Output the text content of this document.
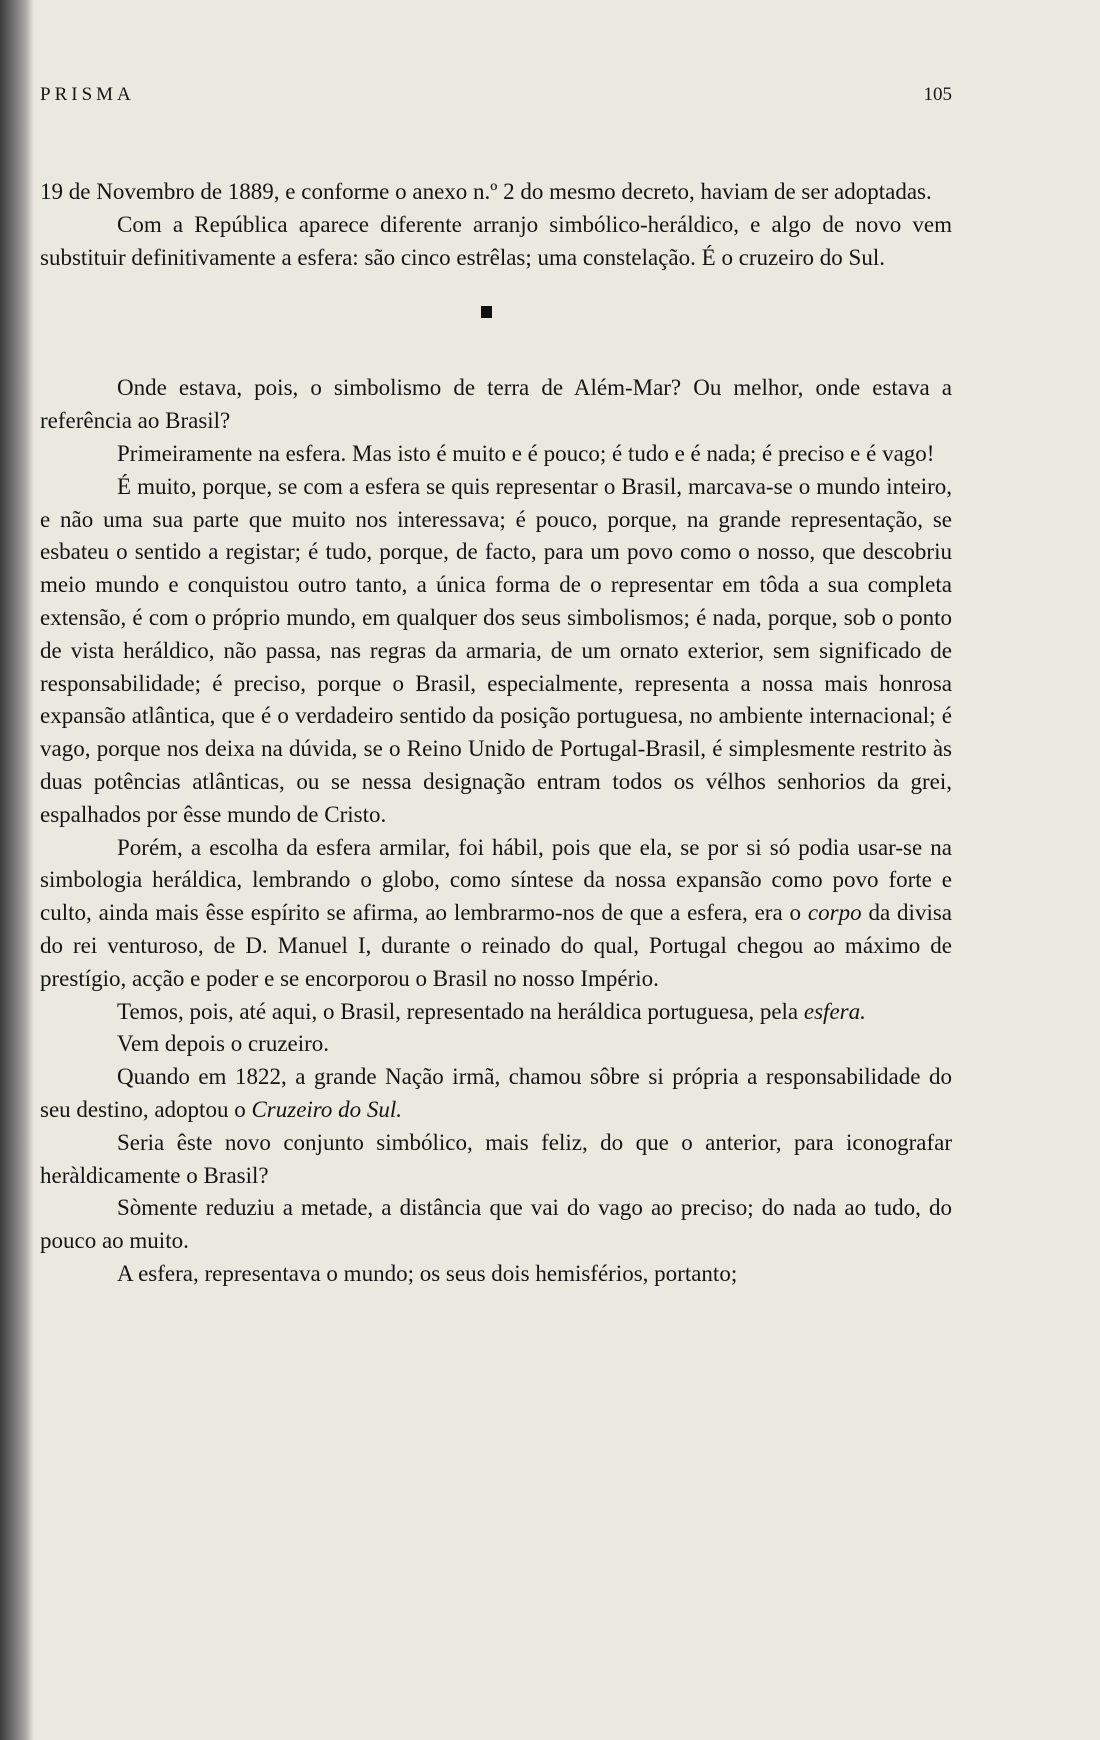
PRISMA	105

19 de Novembro de 1889, e conforme o anexo n.º 2 do mesmo decreto, haviam de ser adoptadas.

Com a República aparece diferente arranjo simbólico-heráldico, e algo de novo vem substituir definitivamente a esfera: são cinco estrêlas; uma constelação. É o cruzeiro do Sul.

Onde estava, pois, o simbolismo de terra de Além-Mar? Ou melhor, onde estava a referência ao Brasil?

Primeiramente na esfera. Mas isto é muito e é pouco; é tudo e é nada; é preciso e é vago!

É muito, porque, se com a esfera se quis representar o Brasil, marcava-se o mundo inteiro, e não uma sua parte que muito nos interessava; é pouco, porque, na grande representação, se esbateu o sentido a registar; é tudo, porque, de facto, para um povo como o nosso, que descobriu meio mundo e conquistou outro tanto, a única forma de o representar em tôda a sua completa extensão, é com o próprio mundo, em qualquer dos seus simbolismos; é nada, porque, sob o ponto de vista heráldico, não passa, nas regras da armaria, de um ornato exterior, sem significado de responsabilidade; é preciso, porque o Brasil, especialmente, representa a nossa mais honrosa expansão atlântica, que é o verdadeiro sentido da posição portuguesa, no ambiente internacional; é vago, porque nos deixa na dúvida, se o Reino Unido de Portugal-Brasil, é simplesmente restrito às duas potências atlânticas, ou se nessa designação entram todos os vélhos senhorios da grei, espalhados por êsse mundo de Cristo.

Porém, a escolha da esfera armilar, foi hábil, pois que ela, se por si só podia usar-se na simbologia heráldica, lembrando o globo, como síntese da nossa expansão como povo forte e culto, ainda mais êsse espírito se afirma, ao lembrarmo-nos de que a esfera, era o corpo da divisa do rei venturoso, de D. Manuel I, durante o reinado do qual, Portugal chegou ao máximo de prestígio, acção e poder e se encorporou o Brasil no nosso Império.

Temos, pois, até aqui, o Brasil, representado na heráldica portuguesa, pela esfera.

Vem depois o cruzeiro.

Quando em 1822, a grande Nação irmã, chamou sôbre si própria a responsabilidade do seu destino, adoptou o Cruzeiro do Sul.

Seria êste novo conjunto simbólico, mais feliz, do que o anterior, para iconografar heràldicamente o Brasil?

Sòmente reduziu a metade, a distância que vai do vago ao preciso; do nada ao tudo, do pouco ao muito.

A esfera, representava o mundo; os seus dois hemisférios, portanto;
